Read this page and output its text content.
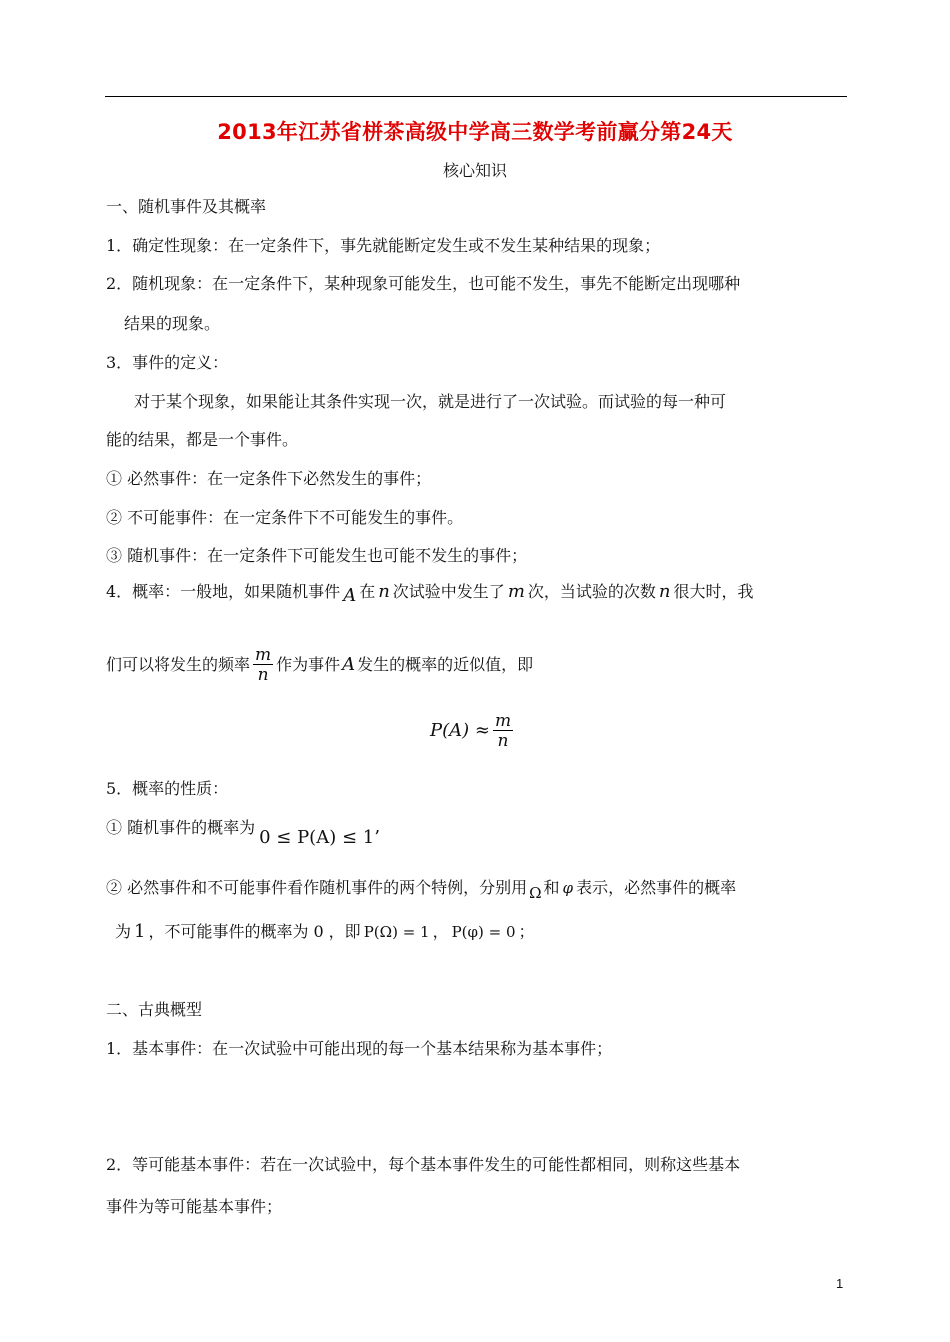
2013年江苏省栟茶高级中学高三数学考前赢分第24天
核心知识
一、随机事件及其概率
1．确定性现象：在一定条件下，事先就能断定发生或不发生某种结果的现象；
2．随机现象：在一定条件下，某种现象可能发生，也可能不发生，事先不能断定出现哪种
结果的现象。
3．事件的定义：
对于某个现象，如果能让其条件实现一次，就是进行了一次试验。而试验的每一种可
能的结果，都是一个事件。
① 必然事件：在一定条件下必然发生的事件；
② 不可能事件：在一定条件下不可能发生的事件。
③ 随机事件：在一定条件下可能发生也可能不发生的事件；
4．概率：一般地，如果随机事件 A 在 n 次试验中发生了 m 次，当试验的次数 n 很大时，我
们可以将发生的频率 $\frac{m}{n}$ 作为事件 A 发生的概率的近似值，即
$P(A) \approx \frac{m}{n}$
5．概率的性质：
① 随机事件的概率为 0 ≤ P(A) ≤ 1’
② 必然事件和不可能事件看作随机事件的两个特例，分别用 Ω 和 φ 表示，必然事件的概率
为 1 ，不可能事件的概率为 0 ，即 P(Ω) = 1 ， P(φ) = 0 ；
二、古典概型
1．基本事件：在一次试验中可能出现的每一个基本结果称为基本事件；
2．等可能基本事件：若在一次试验中，每个基本事件发生的可能性都相同，则称这些基本
事件为等可能基本事件；
1
